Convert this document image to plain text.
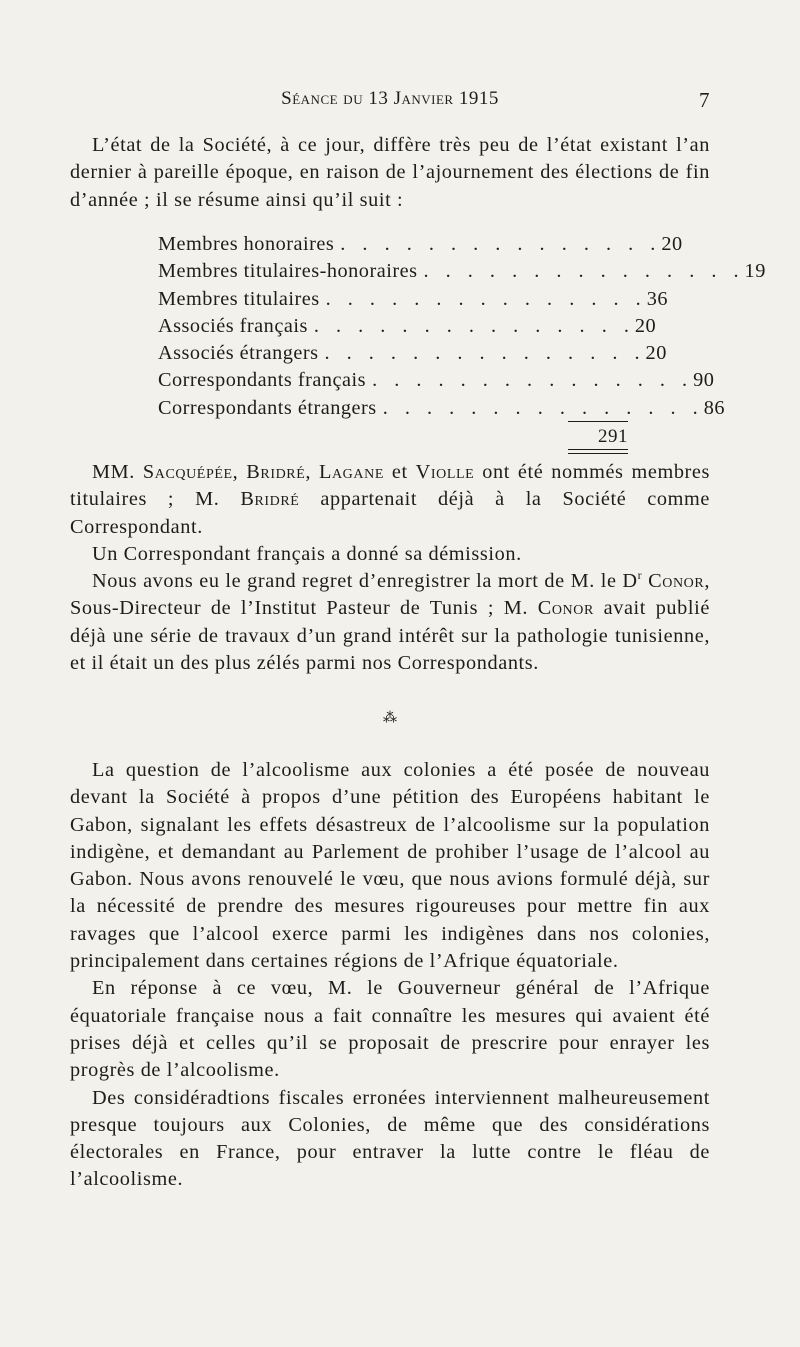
Séance du 13 Janvier 1915	7

L’état de la Société, à ce jour, diffère très peu de l’état existant l’an dernier à pareille époque, en raison de l’ajournement des élections de fin d’année ; il se résume ainsi qu’il suit :

Membres honoraires . . . . . . . . . . . . . . . 20
Membres titulaires-honoraires . . . . . . . . . . . . . . . 19
Membres titulaires . . . . . . . . . . . . . . . 36
Associés français . . . . . . . . . . . . . . . 20
Associés étrangers . . . . . . . . . . . . . . . 20
Correspondants français . . . . . . . . . . . . . . . 90
Correspondants étrangers . . . . . . . . . . . . . . . 86
291

MM. Sacquépée, Bridré, Lagane et Violle ont été nommés membres titulaires ; M. Bridré appartenait déjà à la Société comme Correspondant.

Un Correspondant français a donné sa démission.

Nous avons eu le grand regret d’enregistrer la mort de M. le $D^r$ Conor, Sous-Directeur de l’Institut Pasteur de Tunis ; M. Conor avait publié déjà une série de travaux d’un grand intérêt sur la pathologie tunisienne, et il était un des plus zélés parmi nos Correspondants.

⁂

La question de l’alcoolisme aux colonies a été posée de nouveau devant la Société à propos d’une pétition des Européens habitant le Gabon, signalant les effets désastreux de l’alcoolisme sur la population indigène, et demandant au Parlement de prohiber l’usage de l’alcool au Gabon. Nous avons renouvelé le vœu, que nous avions formulé déjà, sur la nécessité de prendre des mesures rigoureuses pour mettre fin aux ravages que l’alcool exerce parmi les indigènes dans nos colonies, principalement dans certaines régions de l’Afrique équatoriale.

En réponse à ce vœu, M. le Gouverneur général de l’Afrique équatoriale française nous a fait connaître les mesures qui avaient été prises déjà et celles qu’il se proposait de prescrire pour enrayer les progrès de l’alcoolisme.

Des considéradtions fiscales erronées interviennent malheureusement presque toujours aux Colonies, de même que des considérations électorales en France, pour entraver la lutte contre le fléau de l’alcoolisme.
